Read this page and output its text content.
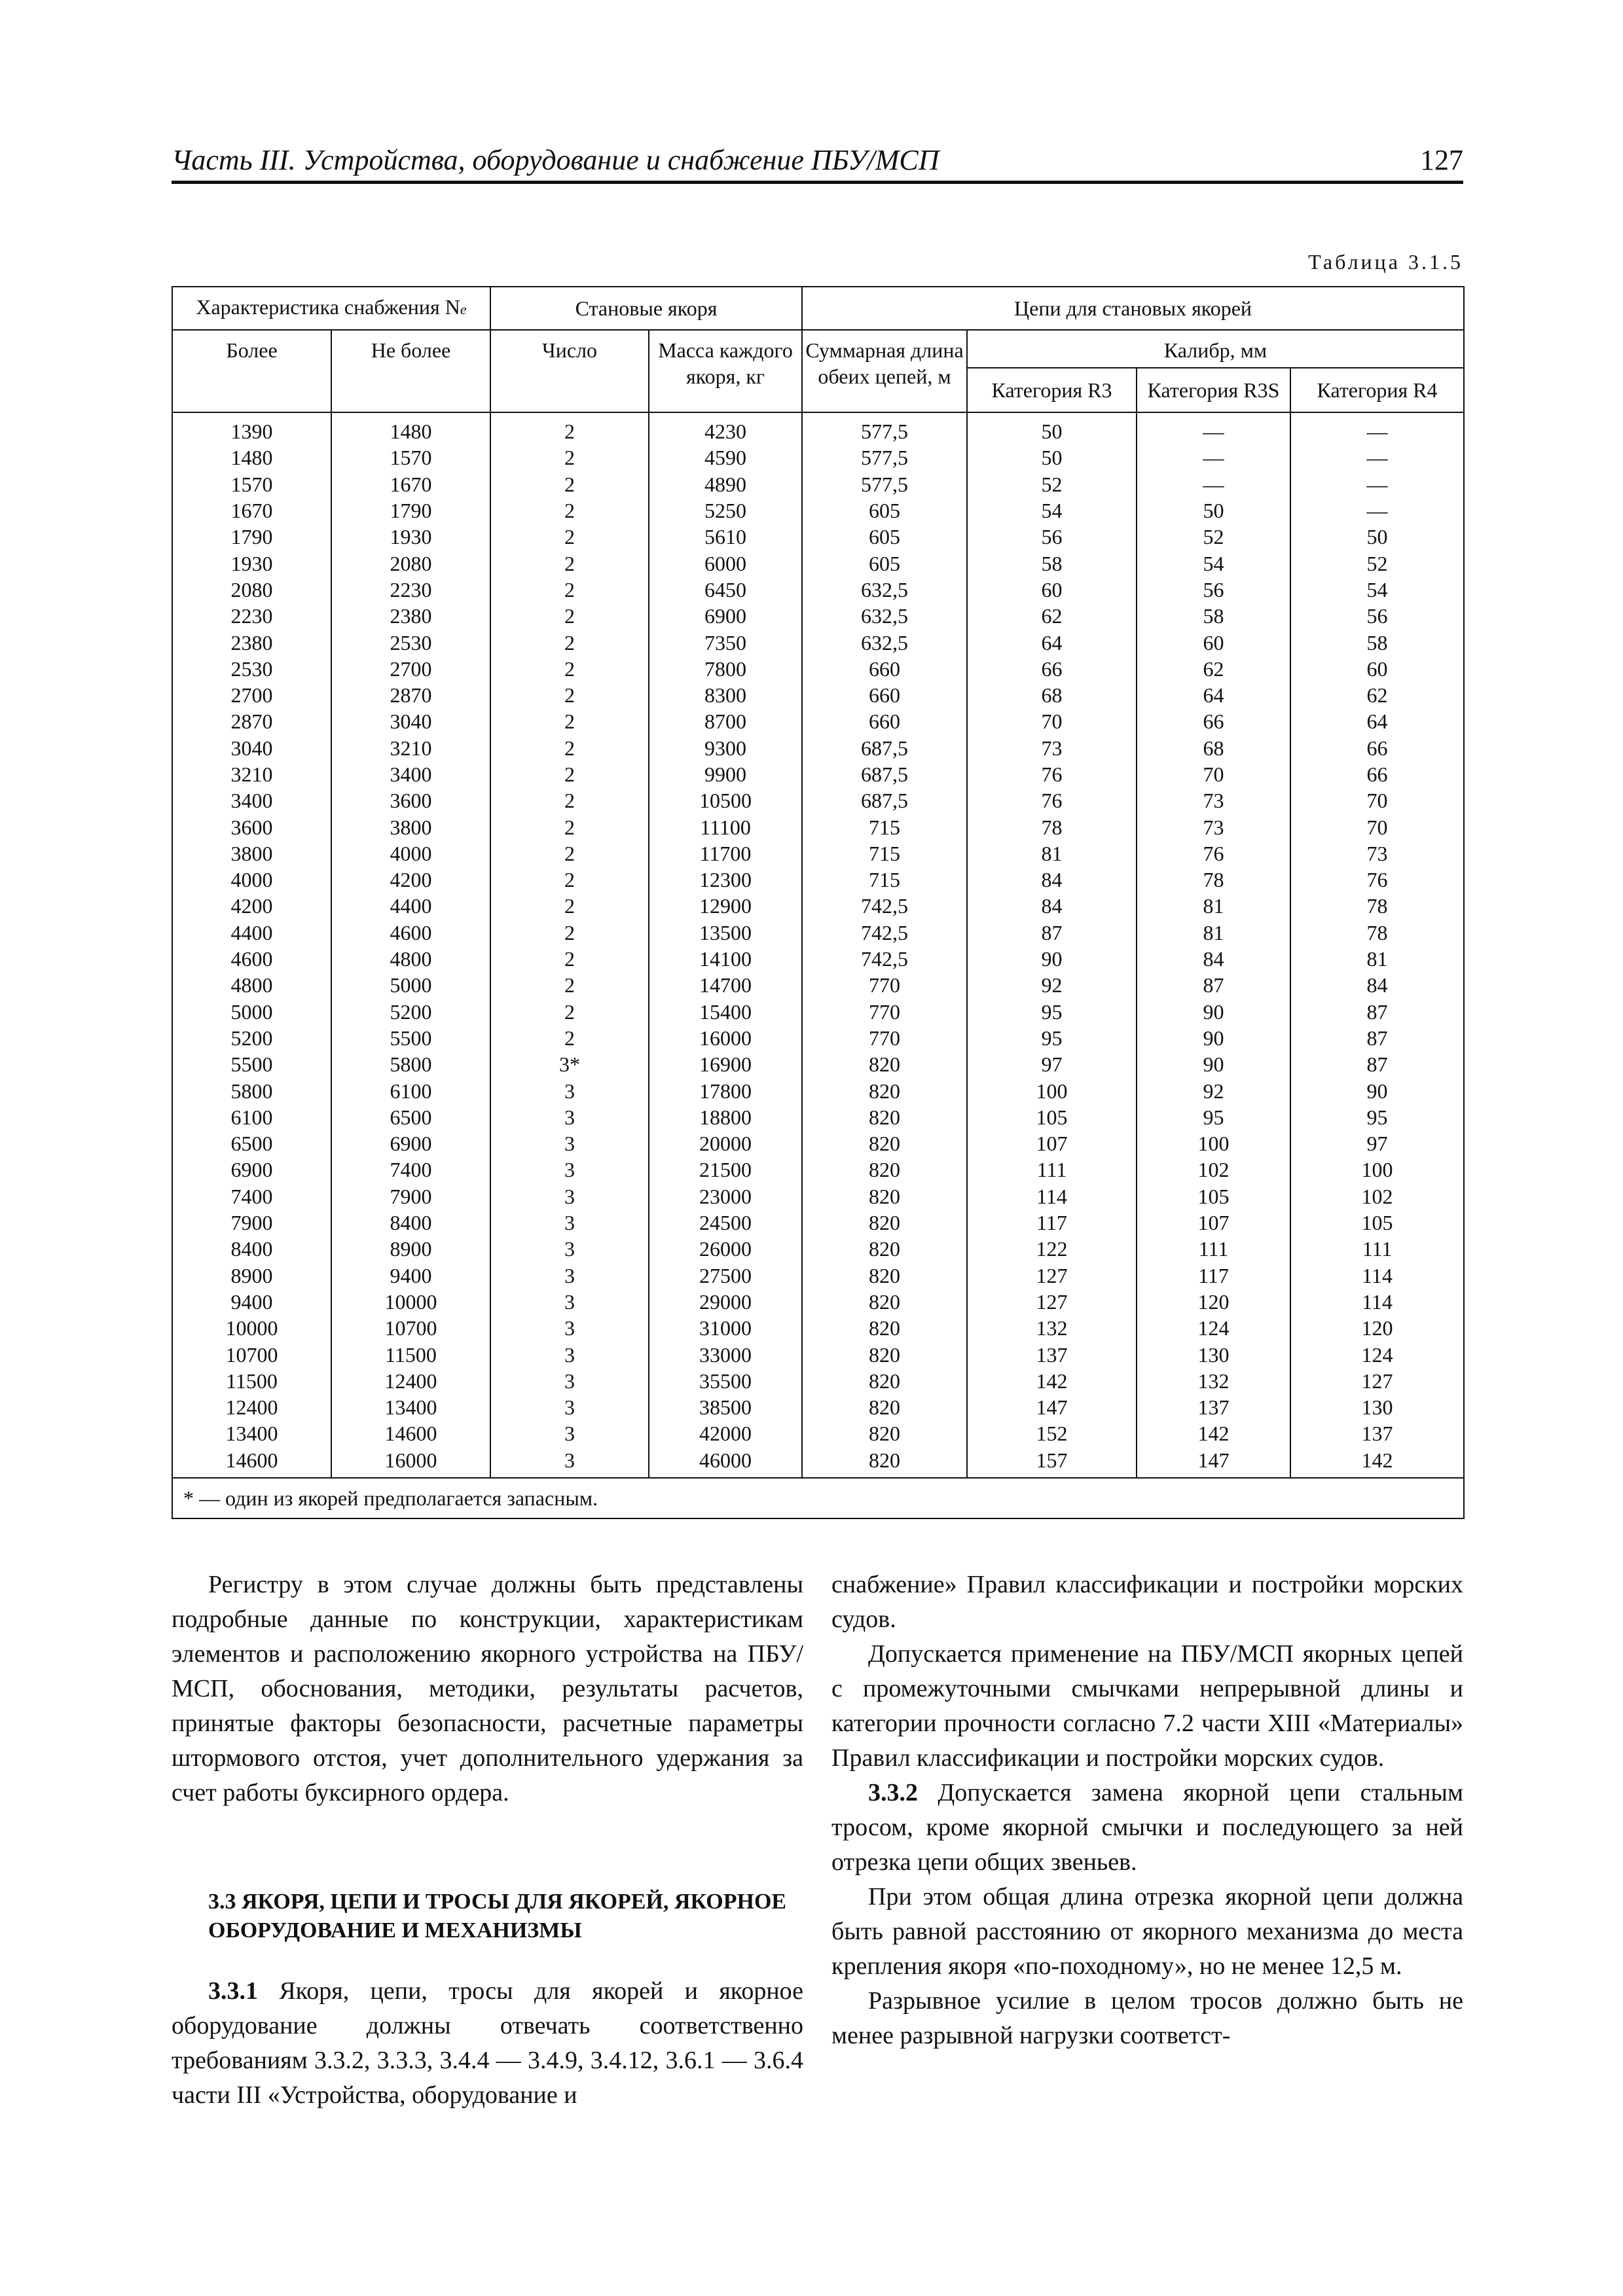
Часть III. Устройства, оборудование и снабжение ПБУ/МСП	127
Таблица 3.1.5
Характеристика снабжения Ne		Становые якоря		Цепи для становых якорей			
Более	Не более	Число	Масса каждого якоря, кг	Суммарная длина обеих цепей, м	Калибр, мм		
					Категория R3	Категория R3S	Категория R4
1390	1480	2	4230	577,5	50	—	—
1480	1570	2	4590	577,5	50	—	—
1570	1670	2	4890	577,5	52	—	—
1670	1790	2	5250	605	54	50	—
1790	1930	2	5610	605	56	52	50
1930	2080	2	6000	605	58	54	52
2080	2230	2	6450	632,5	60	56	54
2230	2380	2	6900	632,5	62	58	56
2380	2530	2	7350	632,5	64	60	58
2530	2700	2	7800	660	66	62	60
2700	2870	2	8300	660	68	64	62
2870	3040	2	8700	660	70	66	64
3040	3210	2	9300	687,5	73	68	66
3210	3400	2	9900	687,5	76	70	66
3400	3600	2	10500	687,5	76	73	70
3600	3800	2	11100	715	78	73	70
3800	4000	2	11700	715	81	76	73
4000	4200	2	12300	715	84	78	76
4200	4400	2	12900	742,5	84	81	78
4400	4600	2	13500	742,5	87	81	78
4600	4800	2	14100	742,5	90	84	81
4800	5000	2	14700	770	92	87	84
5000	5200	2	15400	770	95	90	87
5200	5500	2	16000	770	95	90	87
5500	5800	3*	16900	820	97	90	87
5800	6100	3	17800	820	100	92	90
6100	6500	3	18800	820	105	95	95
6500	6900	3	20000	820	107	100	97
6900	7400	3	21500	820	111	102	100
7400	7900	3	23000	820	114	105	102
7900	8400	3	24500	820	117	107	105
8400	8900	3	26000	820	122	111	111
8900	9400	3	27500	820	127	117	114
9400	10000	3	29000	820	127	120	114
10000	10700	3	31000	820	132	124	120
10700	11500	3	33000	820	137	130	124
11500	12400	3	35500	820	142	132	127
12400	13400	3	38500	820	147	137	130
13400	14600	3	42000	820	152	142	137
14600	16000	3	46000	820	157	147	142
* — один из якорей предполагается запасным.							

Регистру в этом случае должны быть представлены подробные данные по конструкции, характеристикам элементов и расположению якорного устройства на ПБУ/МСП, обоснования, методики, результаты расчетов, принятые факторы безопасности, расчетные параметры штормового отстоя, учет дополнительного удержания за счет работы буксирного ордера.

3.3 ЯКОРЯ, ЦЕПИ И ТРОСЫ ДЛЯ ЯКОРЕЙ, ЯКОРНОЕ

ОБОРУДОВАНИЕ И МЕХАНИЗМЫ

3.3.1 Якоря, цепи, тросы для якорей и якорное оборудование должны отвечать соответственно требованиям 3.3.2, 3.3.3, 3.4.4 — 3.4.9, 3.4.12, 3.6.1 — 3.6.4 части III «Устройства, оборудование и

снабжение» Правил классификации и постройки морских судов.

Допускается применение на ПБУ/МСП якорных цепей с промежуточными смычками непрерывной длины и категории прочности согласно 7.2 части XIII «Материалы» Правил классификации и постройки морских судов.

3.3.2 Допускается замена якорной цепи стальным тросом, кроме якорной смычки и последующего за ней отрезка цепи общих звеньев.

При этом общая длина отрезка якорной цепи должна быть равной расстоянию от якорного механизма до места крепления якоря «по-походному», но не менее 12,5 м.

Разрывное усилие в целом тросов должно быть не менее разрывной нагрузки соответст-
